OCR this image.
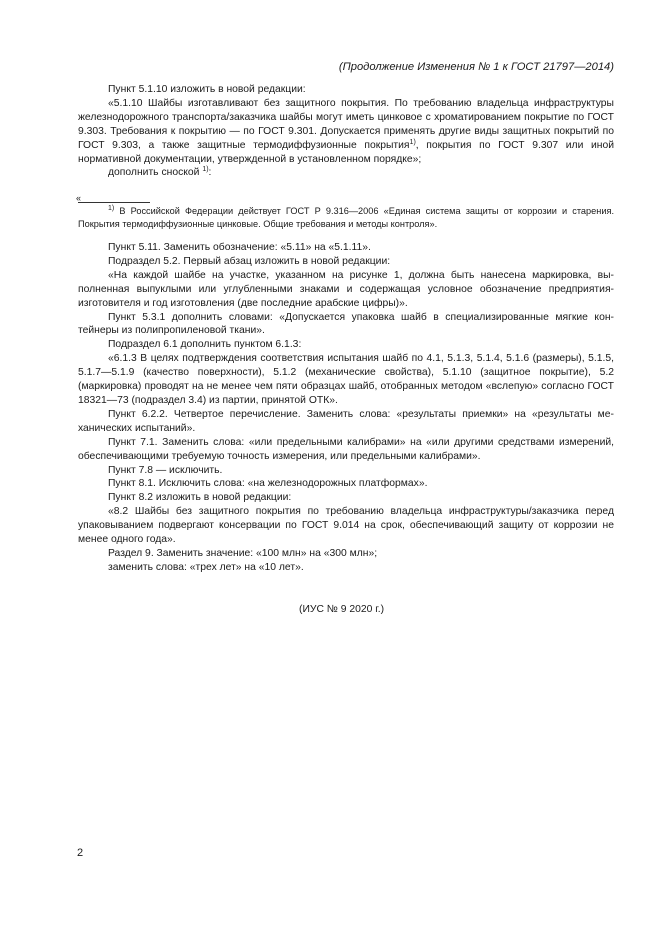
(Продолжение Изменения № 1 к ГОСТ 21797—2014)

Пункт 5.1.10 изложить в новой редакции:

«5.1.10 Шайбы изготавливают без защитного покрытия. По требованию владельца инфраструктуры железнодорожного транспорта/заказчика шайбы могут иметь цинковое с хроматированием покрытие по ГОСТ 9.303. Требования к покрытию — по ГОСТ 9.301. Допускается применять другие виды защитных покрытий по ГОСТ 9.303, а также защитные термодиффузионные покрытия$^{1)}$, покрытия по ГОСТ 9.307 или иной нормативной документации, утвержденной в установленном порядке»;

дополнить сноской $^{1)}$:

«

$^{1)}$ В Российской Федерации действует ГОСТ Р 9.316—2006 «Единая система защиты от коррозии и старения. Покрытия термодиффузионные цинковые. Общие требования и методы контроля».

Пункт 5.11. Заменить обозначение: «5.11» на «5.1.11».

Подраздел 5.2. Первый абзац изложить в новой редакции:

«На каждой шайбе на участке, указанном на рисунке 1, должна быть нанесена маркировка, выполненная выпуклыми или углубленными знаками и содержащая условное обозначение предприятия-изготовителя и год изготовления (две последние арабские цифры)».

Пункт 5.3.1 дополнить словами: «Допускается упаковка шайб в специализированные мягкие контейнеры из полипропиленовой ткани».

Подраздел 6.1 дополнить пунктом 6.1.3:

«6.1.3 В целях подтверждения соответствия испытания шайб по 4.1, 5.1.3, 5.1.4, 5.1.6 (размеры), 5.1.5, 5.1.7—5.1.9 (качество поверхности), 5.1.2 (механические свойства), 5.1.10 (защитное покрытие), 5.2 (маркировка) проводят на не менее чем пяти образцах шайб, отобранных методом «вслепую» согласно ГОСТ 18321—73 (подраздел 3.4) из партии, принятой ОТК».

Пункт 6.2.2. Четвертое перечисление. Заменить слова: «результаты приемки» на «результаты механических испытаний».

Пункт 7.1. Заменить слова: «или предельными калибрами» на «или другими средствами измерений, обеспечивающими требуемую точность измерения, или предельными калибрами».

Пункт 7.8 — исключить.

Пункт 8.1. Исключить слова: «на железнодорожных платформах».

Пункт 8.2 изложить в новой редакции:

«8.2 Шайбы без защитного покрытия по требованию владельца инфраструктуры/заказчика перед упаковыванием подвергают консервации по ГОСТ 9.014 на срок, обеспечивающий защиту от коррозии не менее одного года».

Раздел 9. Заменить значение: «100 млн» на «300 млн»;

заменить слова: «трех лет» на «10 лет».

(ИУС № 9 2020 г.)
2
